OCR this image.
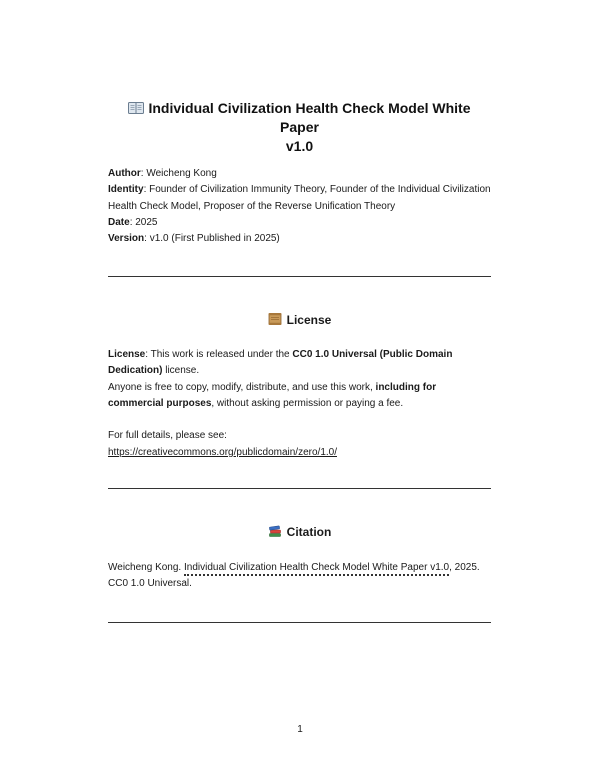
Individual Civilization Health Check Model White Paper
v1.0
Author: Weicheng Kong
Identity: Founder of Civilization Immunity Theory, Founder of the Individual Civilization Health Check Model, Proposer of the Reverse Unification Theory
Date: 2025
Version: v1.0 (First Published in 2025)
License

License: This work is released under the CC0 1.0 Universal (Public Domain Dedication) license.
Anyone is free to copy, modify, distribute, and use this work, including for commercial purposes, without asking permission or paying a fee.

For full details, please see:
https://creativecommons.org/publicdomain/zero/1.0/

Citation
Weicheng Kong. Individual Civilization Health Check Model White Paper v1.0, 2025. CC0 1.0 Universal.
1
